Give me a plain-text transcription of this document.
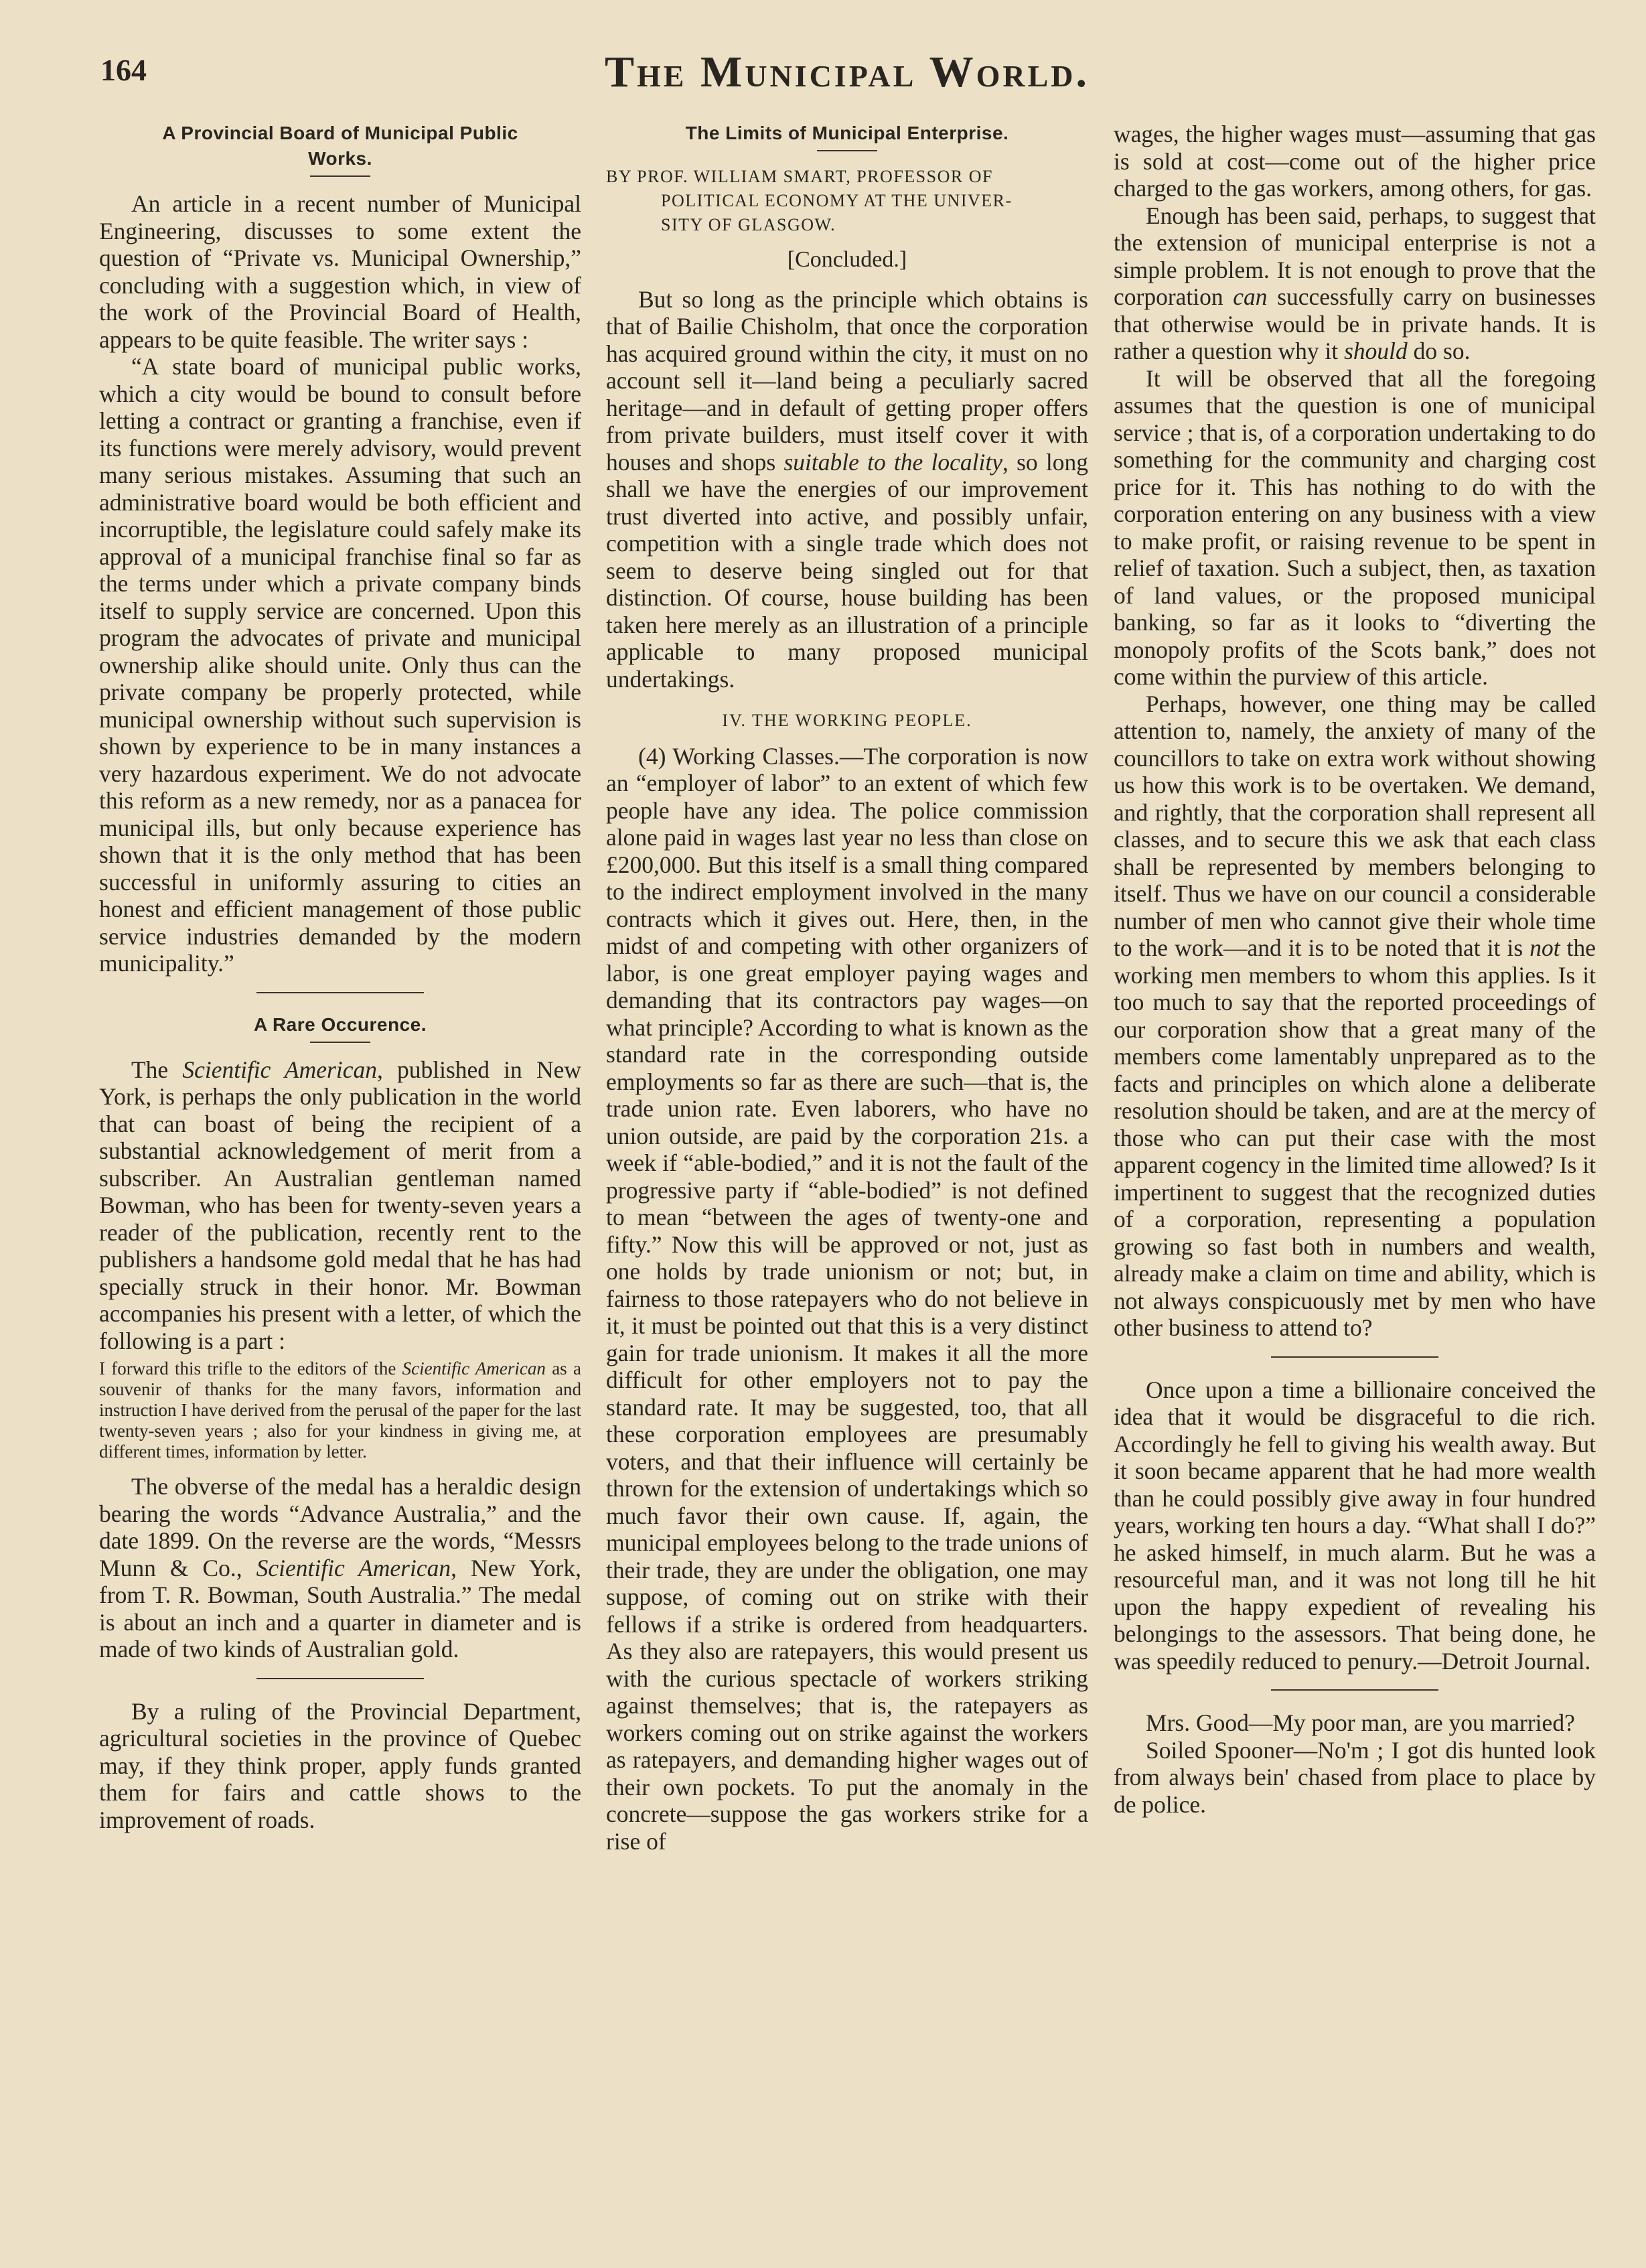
164	The Municipal World.
A Provincial Board of Municipal Public
Works.

An article in a recent number of Municipal Engineering, discusses to some extent the question of “Private vs. Municipal Ownership,” concluding with a suggestion which, in view of the work of the Provincial Board of Health, appears to be quite feasible. The writer says :

“A state board of municipal public works, which a city would be bound to consult before letting a contract or granting a franchise, even if its functions were merely advisory, would prevent many serious mistakes. Assuming that such an administrative board would be both efficient and incorruptible, the legislature could safely make its approval of a municipal franchise final so far as the terms under which a private company binds itself to supply service are concerned. Upon this program the advocates of private and municipal ownership alike should unite. Only thus can the private company be properly protected, while municipal ownership without such supervision is shown by experience to be in many instances a very hazardous experiment. We do not advocate this reform as a new remedy, nor as a panacea for municipal ills, but only because experience has shown that it is the only method that has been successful in uniformly assuring to cities an honest and efficient management of those public service industries demanded by the modern municipality.”

A Rare Occurence.

The Scientific American, published in New York, is perhaps the only publication in the world that can boast of being the recipient of a substantial acknowledgement of merit from a subscriber. An Australian gentleman named Bowman, who has been for twenty-seven years a reader of the publication, recently rent to the publishers a handsome gold medal that he has had specially struck in their honor. Mr. Bowman accompanies his present with a letter, of which the following is a part :

I forward this trifle to the editors of the Scientific American as a souvenir of thanks for the many favors, information and instruction I have derived from the perusal of the paper for the last twenty-seven years ; also for your kindness in giving me, at different times, information by letter.

The obverse of the medal has a heraldic design bearing the words “Advance Australia,” and the date 1899. On the reverse are the words, “Messrs Munn & Co., Scientific American, New York, from T. R. Bowman, South Australia.” The medal is about an inch and a quarter in diameter and is made of two kinds of Australian gold.

By a ruling of the Provincial Department, agricultural societies in the province of Quebec may, if they think proper, apply funds granted them for fairs and cattle shows to the improvement of roads.

The Limits of Municipal Enterprise.
BY PROF. WILLIAM SMART, PROFESSOR OF
POLITICAL ECONOMY AT THE UNIVER-
SITY OF GLASGOW.
[Concluded.]

But so long as the principle which obtains is that of Bailie Chisholm, that once the corporation has acquired ground within the city, it must on no account sell it—land being a peculiarly sacred heritage—and in default of getting proper offers from private builders, must itself cover it with houses and shops suitable to the locality, so long shall we have the energies of our improvement trust diverted into active, and possibly unfair, competition with a single trade which does not seem to deserve being singled out for that distinction. Of course, house building has been taken here merely as an illustration of a principle applicable to many proposed municipal undertakings.

IV. THE WORKING PEOPLE.

(4) Working Classes.—The corporation is now an “employer of labor” to an extent of which few people have any idea. The police commission alone paid in wages last year no less than close on £200,000. But this itself is a small thing compared to the indirect employment involved in the many contracts which it gives out. Here, then, in the midst of and competing with other organizers of labor, is one great employer paying wages and demanding that its contractors pay wages—on what principle? According to what is known as the standard rate in the corresponding outside employments so far as there are such—that is, the trade union rate. Even laborers, who have no union outside, are paid by the corporation 21s. a week if “able-bodied,” and it is not the fault of the progressive party if “able-bodied” is not defined to mean “between the ages of twenty-one and fifty.” Now this will be approved or not, just as one holds by trade unionism or not; but, in fairness to those ratepayers who do not believe in it, it must be pointed out that this is a very distinct gain for trade unionism. It makes it all the more difficult for other employers not to pay the standard rate. It may be suggested, too, that all these corporation employees are presumably voters, and that their influence will certainly be thrown for the extension of undertakings which so much favor their own cause. If, again, the municipal employees belong to the trade unions of their trade, they are under the obligation, one may suppose, of coming out on strike with their fellows if a strike is ordered from headquarters. As they also are ratepayers, this would present us with the curious spectacle of workers striking against themselves; that is, the ratepayers as workers coming out on strike against the workers as ratepayers, and demanding higher wages out of their own pockets. To put the anomaly in the concrete—suppose the gas workers strike for a rise of

wages, the higher wages must—assuming that gas is sold at cost—come out of the higher price charged to the gas workers, among others, for gas.

Enough has been said, perhaps, to suggest that the extension of municipal enterprise is not a simple problem. It is not enough to prove that the corporation can successfully carry on businesses that otherwise would be in private hands. It is rather a question why it should do so.

It will be observed that all the foregoing assumes that the question is one of municipal service ; that is, of a corporation undertaking to do something for the community and charging cost price for it. This has nothing to do with the corporation entering on any business with a view to make profit, or raising revenue to be spent in relief of taxation. Such a subject, then, as taxation of land values, or the proposed municipal banking, so far as it looks to “diverting the monopoly profits of the Scots bank,” does not come within the purview of this article.

Perhaps, however, one thing may be called attention to, namely, the anxiety of many of the councillors to take on extra work without showing us how this work is to be overtaken. We demand, and rightly, that the corporation shall represent all classes, and to secure this we ask that each class shall be represented by members belonging to itself. Thus we have on our council a considerable number of men who cannot give their whole time to the work—and it is to be noted that it is not the working men members to whom this applies. Is it too much to say that the reported proceedings of our corporation show that a great many of the members come lamentably unprepared as to the facts and principles on which alone a deliberate resolution should be taken, and are at the mercy of those who can put their case with the most apparent cogency in the limited time allowed? Is it impertinent to suggest that the recognized duties of a corporation, representing a population growing so fast both in numbers and wealth, already make a claim on time and ability, which is not always conspicuously met by men who have other business to attend to?

Once upon a time a billionaire conceived the idea that it would be disgraceful to die rich. Accordingly he fell to giving his wealth away. But it soon became apparent that he had more wealth than he could possibly give away in four hundred years, working ten hours a day. “What shall I do?” he asked himself, in much alarm. But he was a resourceful man, and it was not long till he hit upon the happy expedient of revealing his belongings to the assessors. That being done, he was speedily reduced to penury.—Detroit Journal.

Mrs. Good—My poor man, are you married?

Soiled Spooner—No'm ; I got dis hunted look from always bein' chased from place to place by de police.
